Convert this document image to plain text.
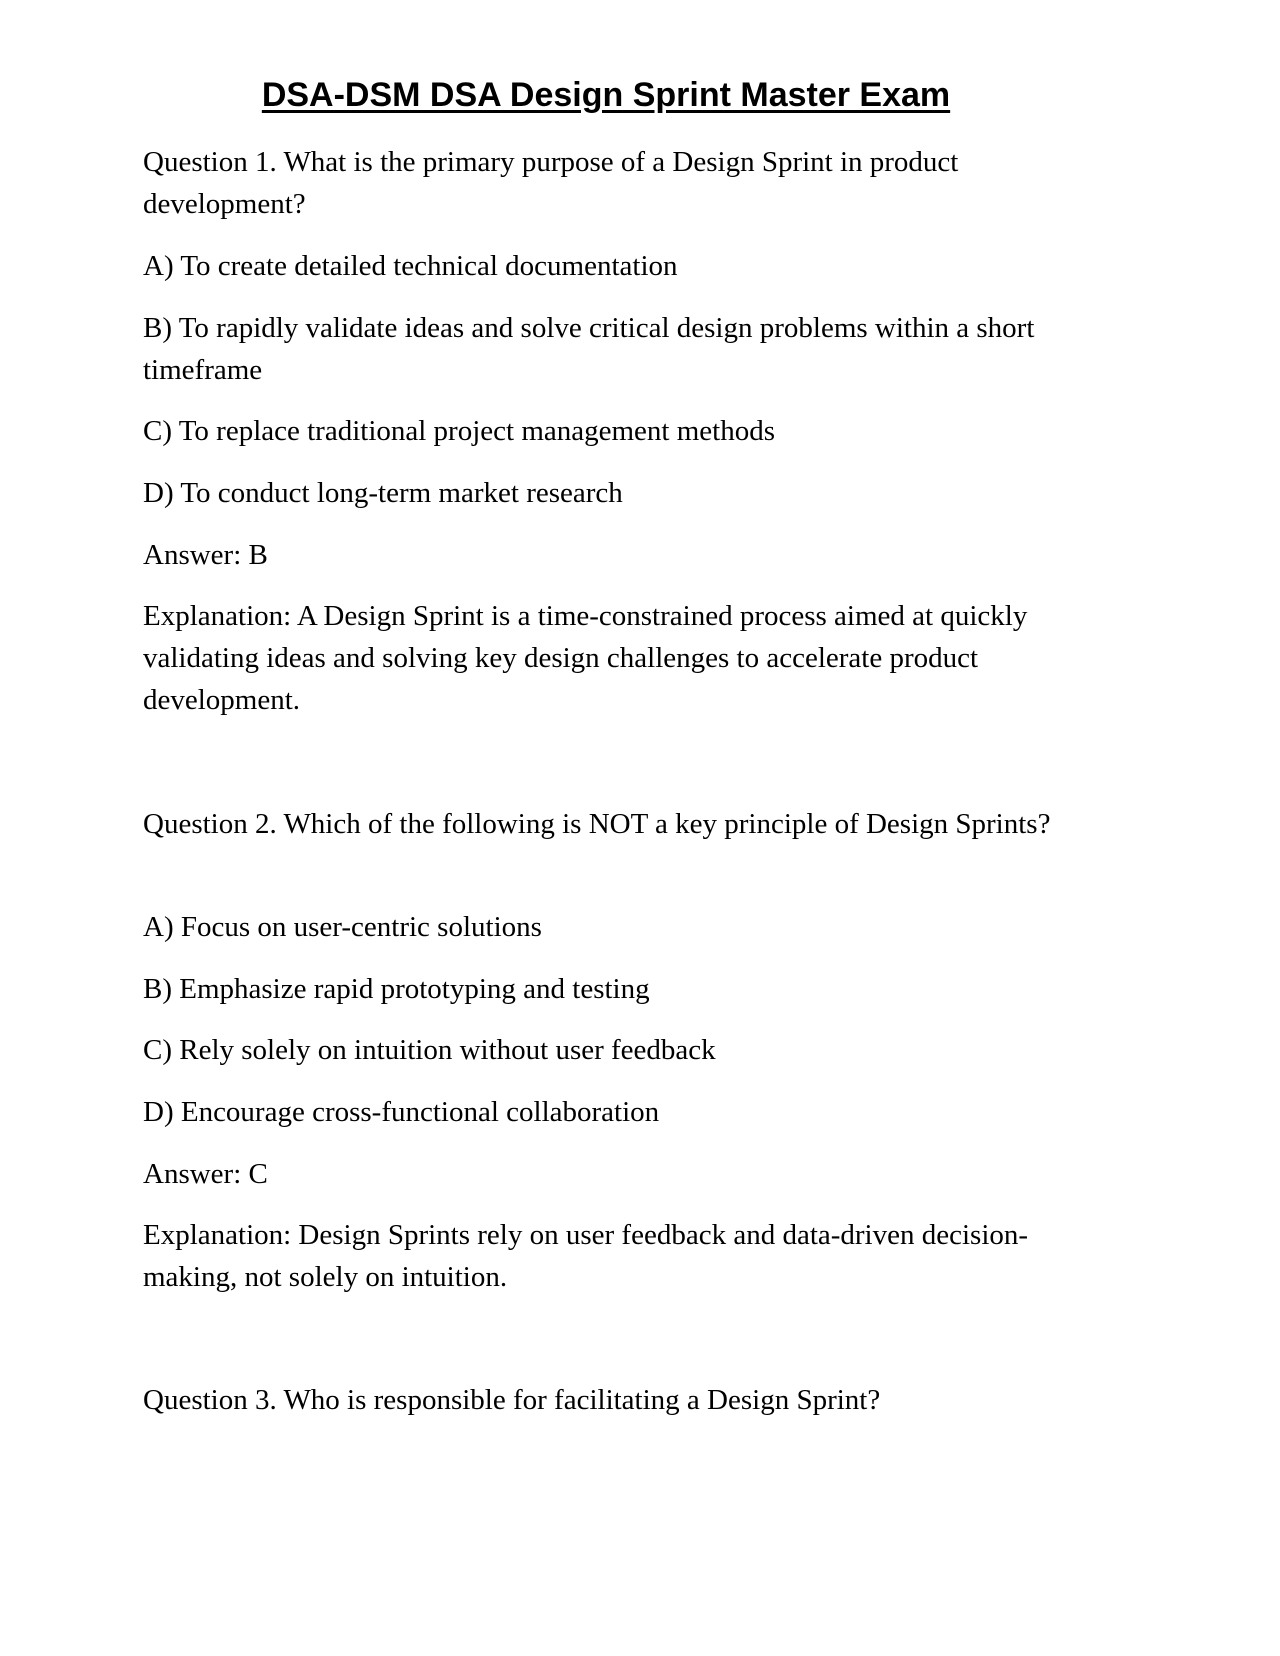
DSA-DSM DSA Design Sprint Master Exam
Question 1. What is the primary purpose of a Design Sprint in product development?
A) To create detailed technical documentation
B) To rapidly validate ideas and solve critical design problems within a short timeframe
C) To replace traditional project management methods
D) To conduct long-term market research
Answer: B
Explanation: A Design Sprint is a time-constrained process aimed at quickly validating ideas and solving key design challenges to accelerate product development.
Question 2. Which of the following is NOT a key principle of Design Sprints?
A) Focus on user-centric solutions
B) Emphasize rapid prototyping and testing
C) Rely solely on intuition without user feedback
D) Encourage cross-functional collaboration
Answer: C
Explanation: Design Sprints rely on user feedback and data-driven decision-making, not solely on intuition.
Question 3. Who is responsible for facilitating a Design Sprint?
